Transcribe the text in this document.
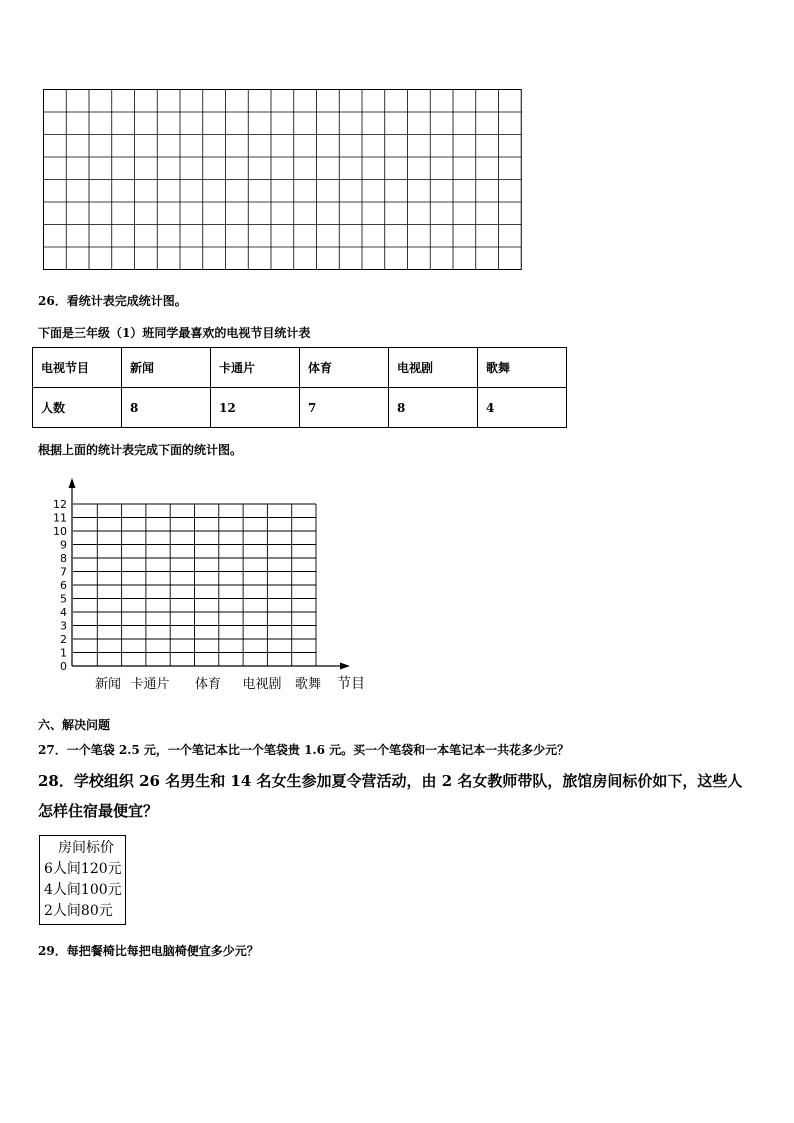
26．看统计表完成统计图。
下面是三年级（1）班同学最喜欢的电视节目统计表
电视节目	新闻	卡通片	体育	电视剧	歌舞
人数	8	12	7	8	4
根据上面的统计表完成下面的统计图。
0
1
2
3
4
5
6
7
8
9
10
11
12
新闻 卡通片 体育 电视剧 歌舞 节目
六、解决问题
27．一个笔袋 2.5 元，一个笔记本比一个笔袋贵 1.6 元。买一个笔袋和一本笔记本一共花多少元？
28．学校组织 26 名男生和 14 名女生参加夏令营活动，由 2 名女教师带队，旅馆房间标价如下，这些人
怎样住宿最便宜？
房间标价
6人间120元
4人间100元
2人间80元
29．每把餐椅比每把电脑椅便宜多少元？
